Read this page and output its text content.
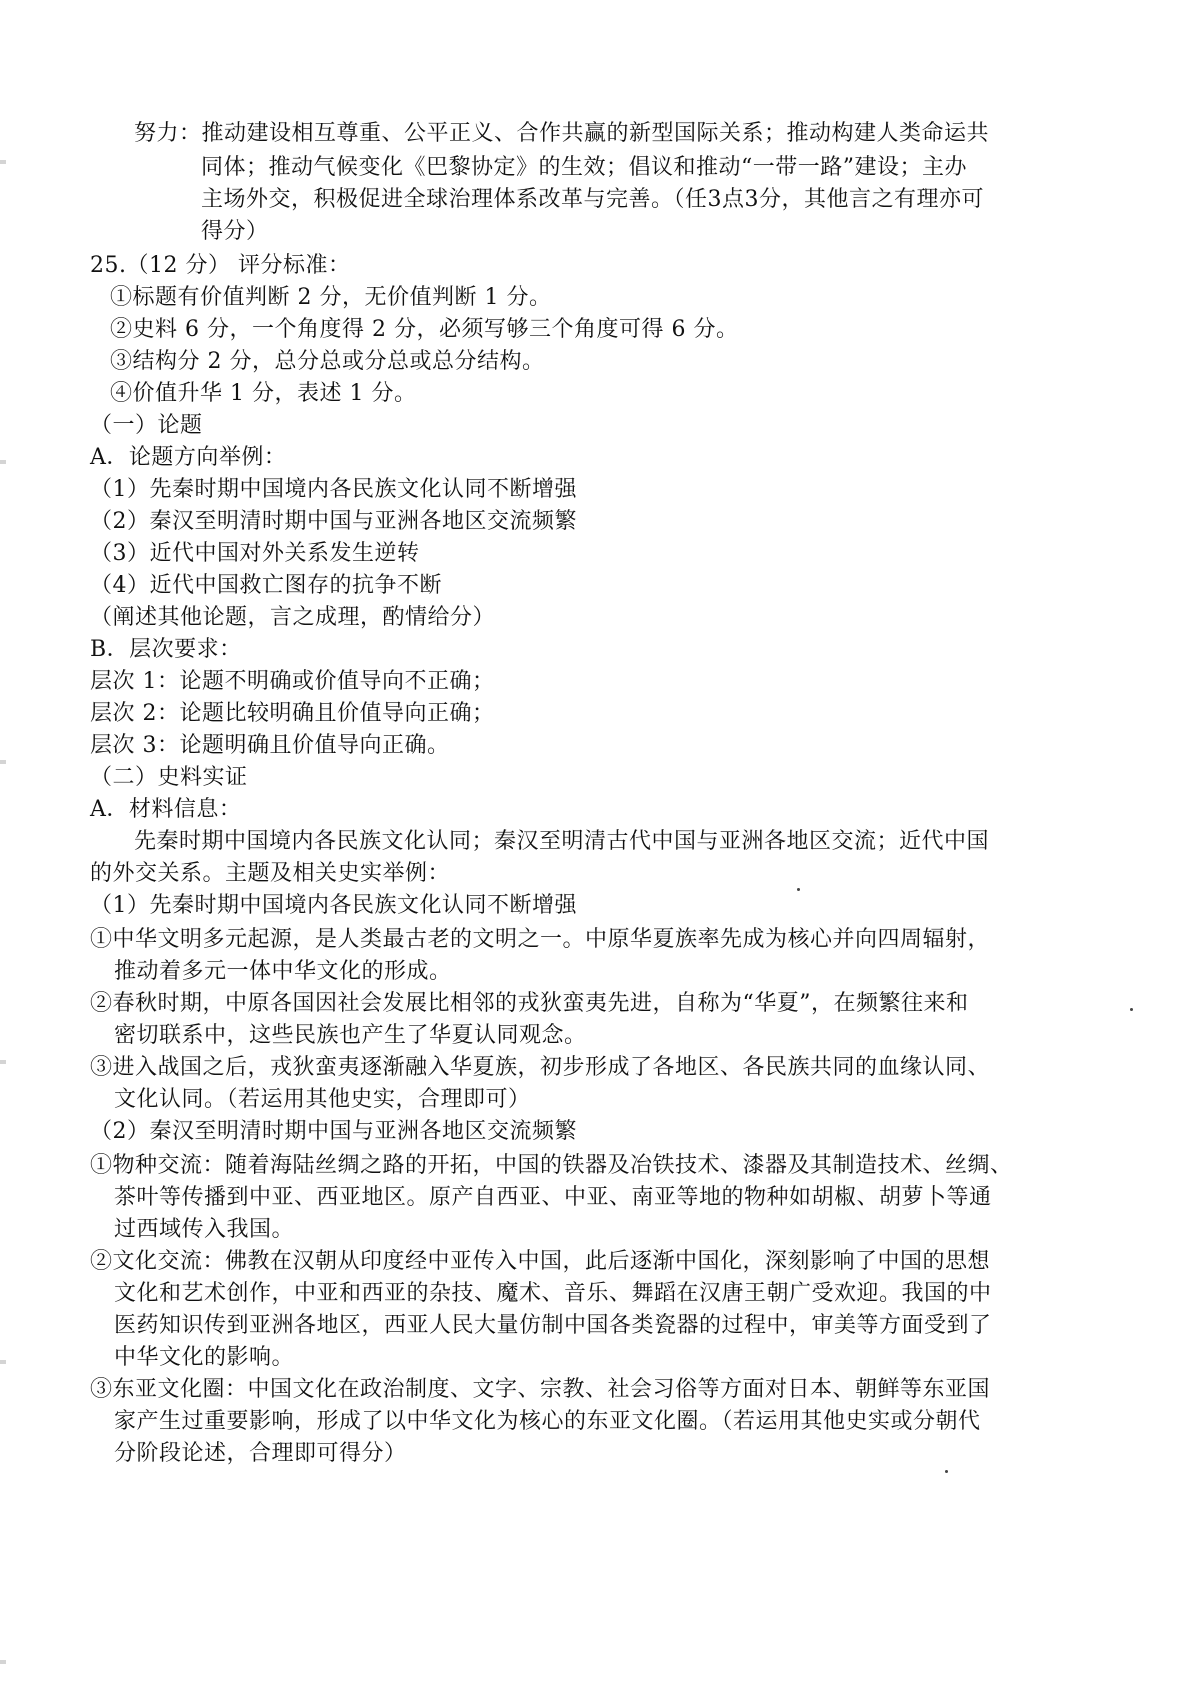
努力：推动建设相互尊重、公平正义、合作共赢的新型国际关系；推动构建人类命运共
同体；推动气候变化《巴黎协定》的生效；倡议和推动“一带一路”建设；主办
主场外交，积极促进全球治理体系改革与完善。（任3点3分，其他言之有理亦可
得分）
25.（12 分） 评分标准：
①标题有价值判断 2 分，无价值判断 1 分。
②史料 6 分，一个角度得 2 分，必须写够三个角度可得 6 分。
③结构分 2 分，总分总或分总或总分结构。
④价值升华 1 分，表述 1 分。
（一）论题
A．论题方向举例：
（1）先秦时期中国境内各民族文化认同不断增强
（2）秦汉至明清时期中国与亚洲各地区交流频繁
（3）近代中国对外关系发生逆转
（4）近代中国救亡图存的抗争不断
（阐述其他论题，言之成理，酌情给分）
B．层次要求：
层次 1：论题不明确或价值导向不正确；
层次 2：论题比较明确且价值导向正确；
层次 3：论题明确且价值导向正确。
（二）史料实证
A．材料信息：
先秦时期中国境内各民族文化认同；秦汉至明清古代中国与亚洲各地区交流；近代中国
的外交关系。主题及相关史实举例：
（1）先秦时期中国境内各民族文化认同不断增强
①中华文明多元起源，是人类最古老的文明之一。中原华夏族率先成为核心并向四周辐射，
推动着多元一体中华文化的形成。
②春秋时期，中原各国因社会发展比相邻的戎狄蛮夷先进，自称为“华夏”，在频繁往来和
密切联系中，这些民族也产生了华夏认同观念。
③进入战国之后，戎狄蛮夷逐渐融入华夏族，初步形成了各地区、各民族共同的血缘认同、
文化认同。（若运用其他史实，合理即可）
（2）秦汉至明清时期中国与亚洲各地区交流频繁
①物种交流：随着海陆丝绸之路的开拓，中国的铁器及冶铁技术、漆器及其制造技术、丝绸、
茶叶等传播到中亚、西亚地区。原产自西亚、中亚、南亚等地的物种如胡椒、胡萝卜等通
过西域传入我国。
②文化交流：佛教在汉朝从印度经中亚传入中国，此后逐渐中国化，深刻影响了中国的思想
文化和艺术创作，中亚和西亚的杂技、魔术、音乐、舞蹈在汉唐王朝广受欢迎。我国的中
医药知识传到亚洲各地区，西亚人民大量仿制中国各类瓷器的过程中，审美等方面受到了
中华文化的影响。
③东亚文化圈：中国文化在政治制度、文字、宗教、社会习俗等方面对日本、朝鲜等东亚国
家产生过重要影响，形成了以中华文化为核心的东亚文化圈。（若运用其他史实或分朝代
分阶段论述，合理即可得分）
